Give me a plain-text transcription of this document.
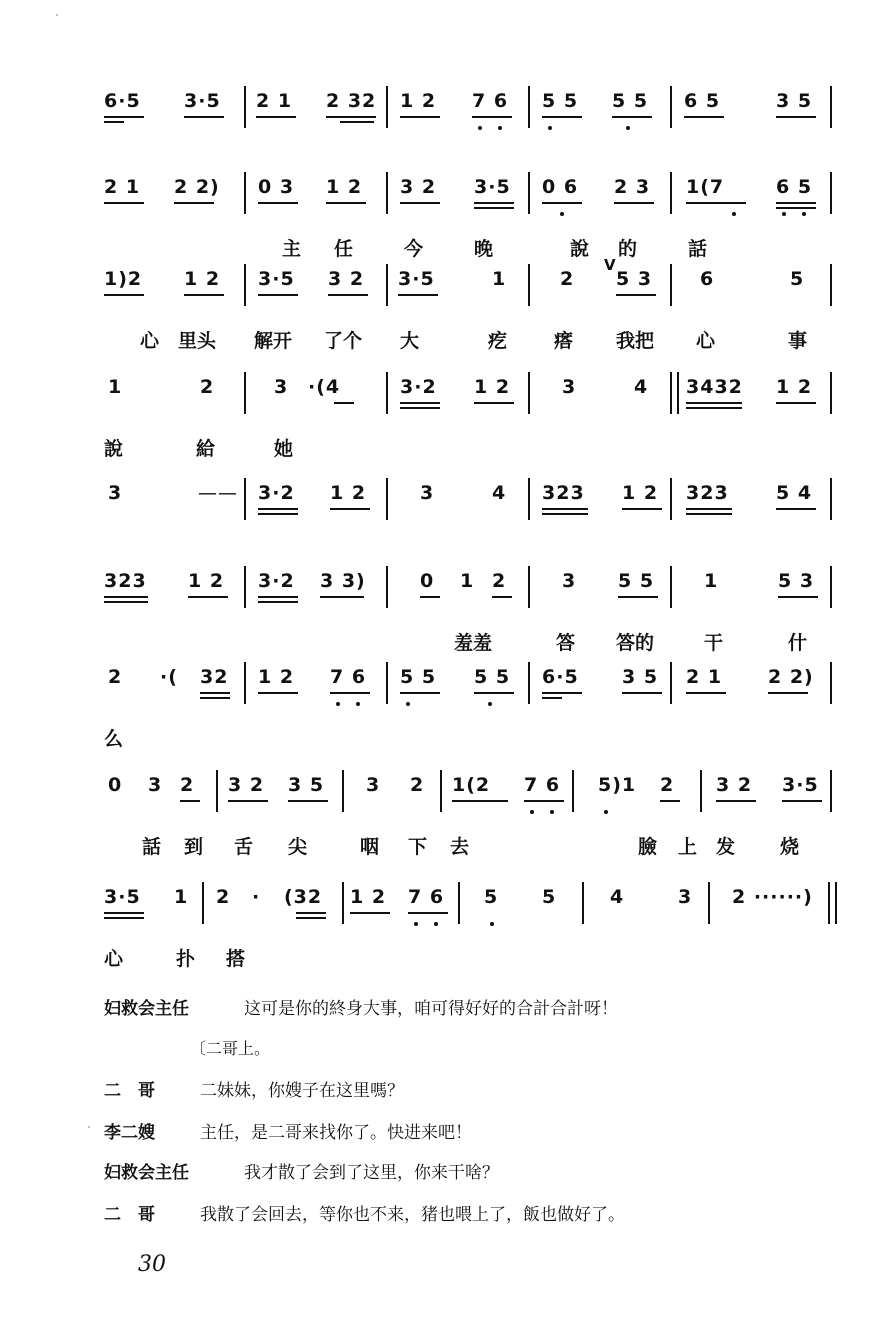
6·5 3·5 2 1 2 32 1 2 7 6 5 5 5 5 6 5	3 5
2 1 2 2) 0 3 1 2 3 2 3·5 0 6 2 3 1(7	6 5
主 任	今	晚	說 的	話
1)2 1 2 3·5 3 2 3·5	1	2
V
5 3	6	5
心 里头 解开 了个 大	疙 瘩 我把 心	事
1	2	3 ·(4	3·2 1 2	3	4 3432 1 2
說	給	她
3	—— 3·2 1 2	3	4 323 1 2 323 5 4
323 1 2 3·2 3 3)	0 1 2	3 5 5	1	5 3
羞羞	答 答的	干	什
2 ·( 32 1 2 7 6 5 5 5 5 6·5 3 5 2 1 2 2)
么
0 3 2 3 2 3 5 3 2 1(2 7 6 5)1 2 3 2 3·5
話 到 舌 尖	咽 下 去	臉 上 发 烧
3·5 1 2 · (32 1 2 7 6 5 5	4	3 2 ······)
心	扑 搭
妇救会主任	这可是你的終身大事，咱可得好好的合計合計呀！
〔二哥上。
二　哥	二妹妹，你嫂子在这里嗎？
李二嫂	主任，是二哥来找你了。快进来吧！
妇救会主任	我才散了会到了这里，你来干啥？
二　哥	我散了会回去，等你也不来，猪也喂上了，飯也做好了。
30
